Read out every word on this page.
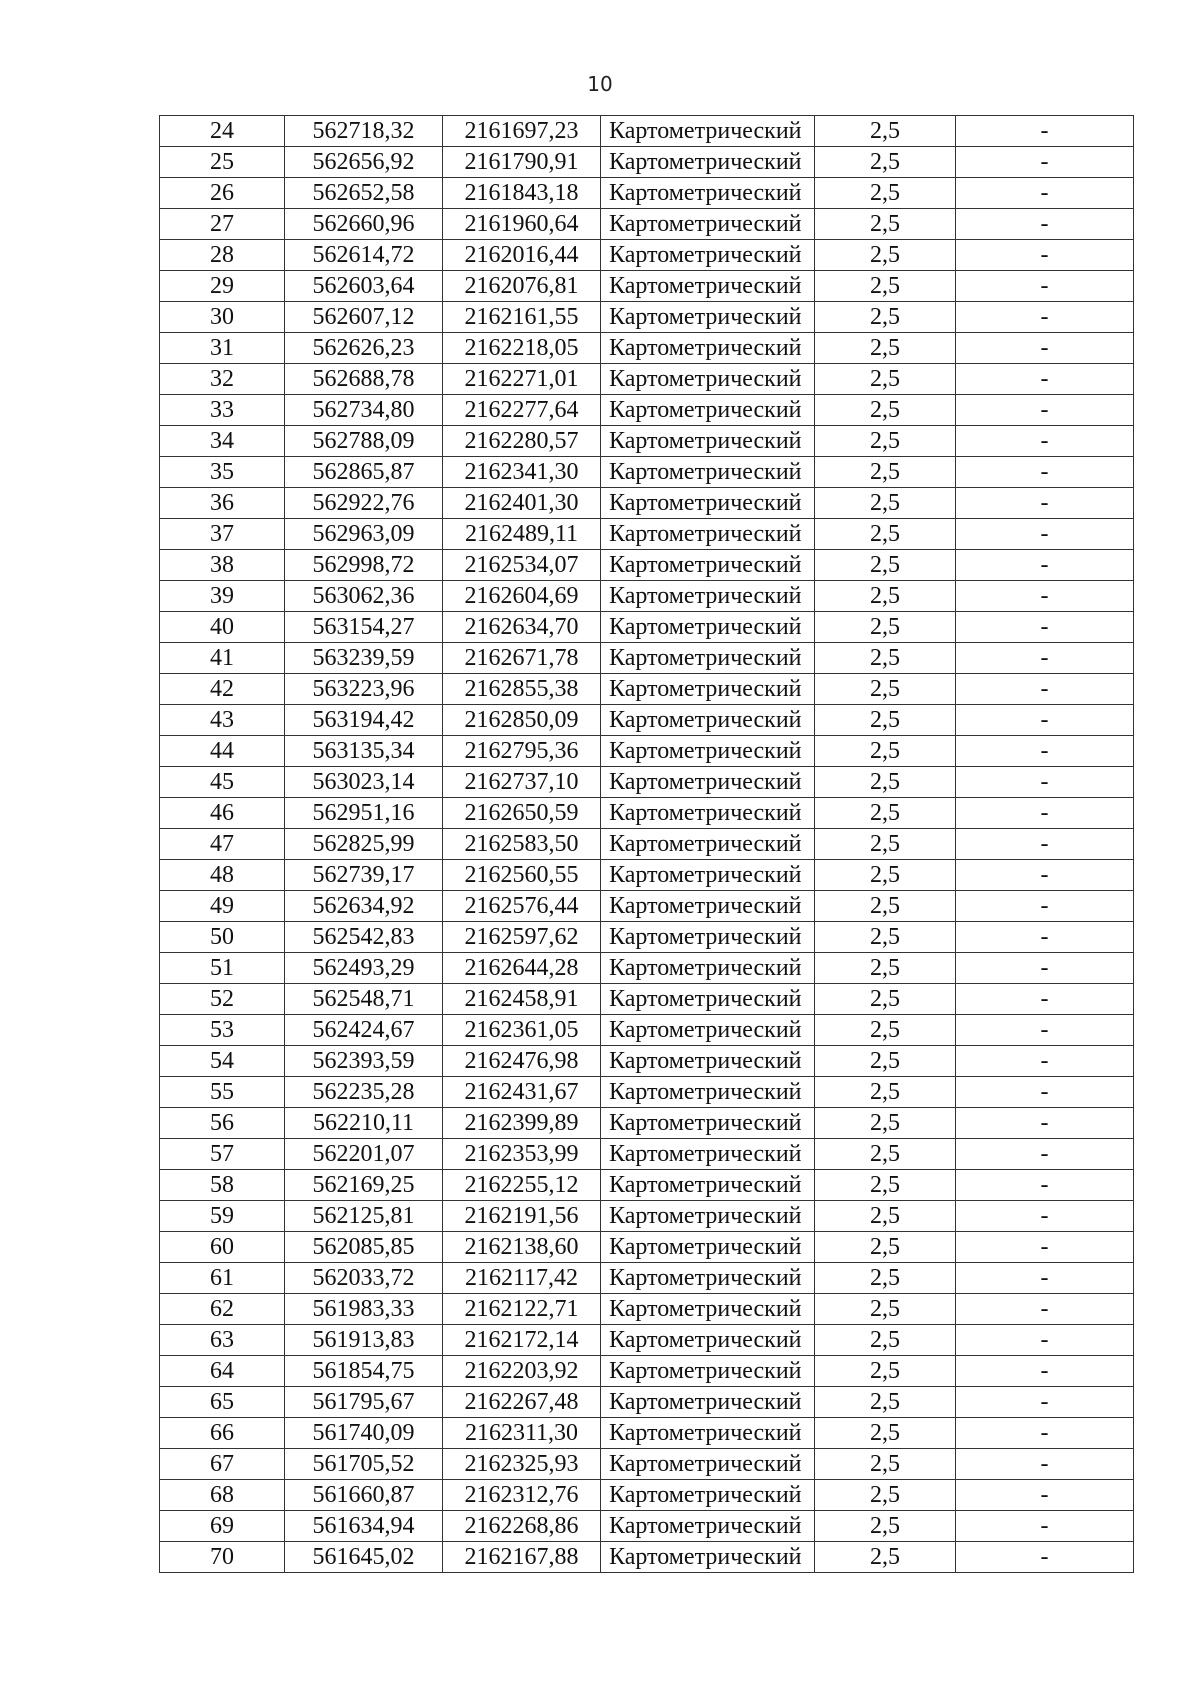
10
24	562718,32	2161697,23	Картометрический	2,5	-
25	562656,92	2161790,91	Картометрический	2,5	-
26	562652,58	2161843,18	Картометрический	2,5	-
27	562660,96	2161960,64	Картометрический	2,5	-
28	562614,72	2162016,44	Картометрический	2,5	-
29	562603,64	2162076,81	Картометрический	2,5	-
30	562607,12	2162161,55	Картометрический	2,5	-
31	562626,23	2162218,05	Картометрический	2,5	-
32	562688,78	2162271,01	Картометрический	2,5	-
33	562734,80	2162277,64	Картометрический	2,5	-
34	562788,09	2162280,57	Картометрический	2,5	-
35	562865,87	2162341,30	Картометрический	2,5	-
36	562922,76	2162401,30	Картометрический	2,5	-
37	562963,09	2162489,11	Картометрический	2,5	-
38	562998,72	2162534,07	Картометрический	2,5	-
39	563062,36	2162604,69	Картометрический	2,5	-
40	563154,27	2162634,70	Картометрический	2,5	-
41	563239,59	2162671,78	Картометрический	2,5	-
42	563223,96	2162855,38	Картометрический	2,5	-
43	563194,42	2162850,09	Картометрический	2,5	-
44	563135,34	2162795,36	Картометрический	2,5	-
45	563023,14	2162737,10	Картометрический	2,5	-
46	562951,16	2162650,59	Картометрический	2,5	-
47	562825,99	2162583,50	Картометрический	2,5	-
48	562739,17	2162560,55	Картометрический	2,5	-
49	562634,92	2162576,44	Картометрический	2,5	-
50	562542,83	2162597,62	Картометрический	2,5	-
51	562493,29	2162644,28	Картометрический	2,5	-
52	562548,71	2162458,91	Картометрический	2,5	-
53	562424,67	2162361,05	Картометрический	2,5	-
54	562393,59	2162476,98	Картометрический	2,5	-
55	562235,28	2162431,67	Картометрический	2,5	-
56	562210,11	2162399,89	Картометрический	2,5	-
57	562201,07	2162353,99	Картометрический	2,5	-
58	562169,25	2162255,12	Картометрический	2,5	-
59	562125,81	2162191,56	Картометрический	2,5	-
60	562085,85	2162138,60	Картометрический	2,5	-
61	562033,72	2162117,42	Картометрический	2,5	-
62	561983,33	2162122,71	Картометрический	2,5	-
63	561913,83	2162172,14	Картометрический	2,5	-
64	561854,75	2162203,92	Картометрический	2,5	-
65	561795,67	2162267,48	Картометрический	2,5	-
66	561740,09	2162311,30	Картометрический	2,5	-
67	561705,52	2162325,93	Картометрический	2,5	-
68	561660,87	2162312,76	Картометрический	2,5	-
69	561634,94	2162268,86	Картометрический	2,5	-
70	561645,02	2162167,88	Картометрический	2,5	-
